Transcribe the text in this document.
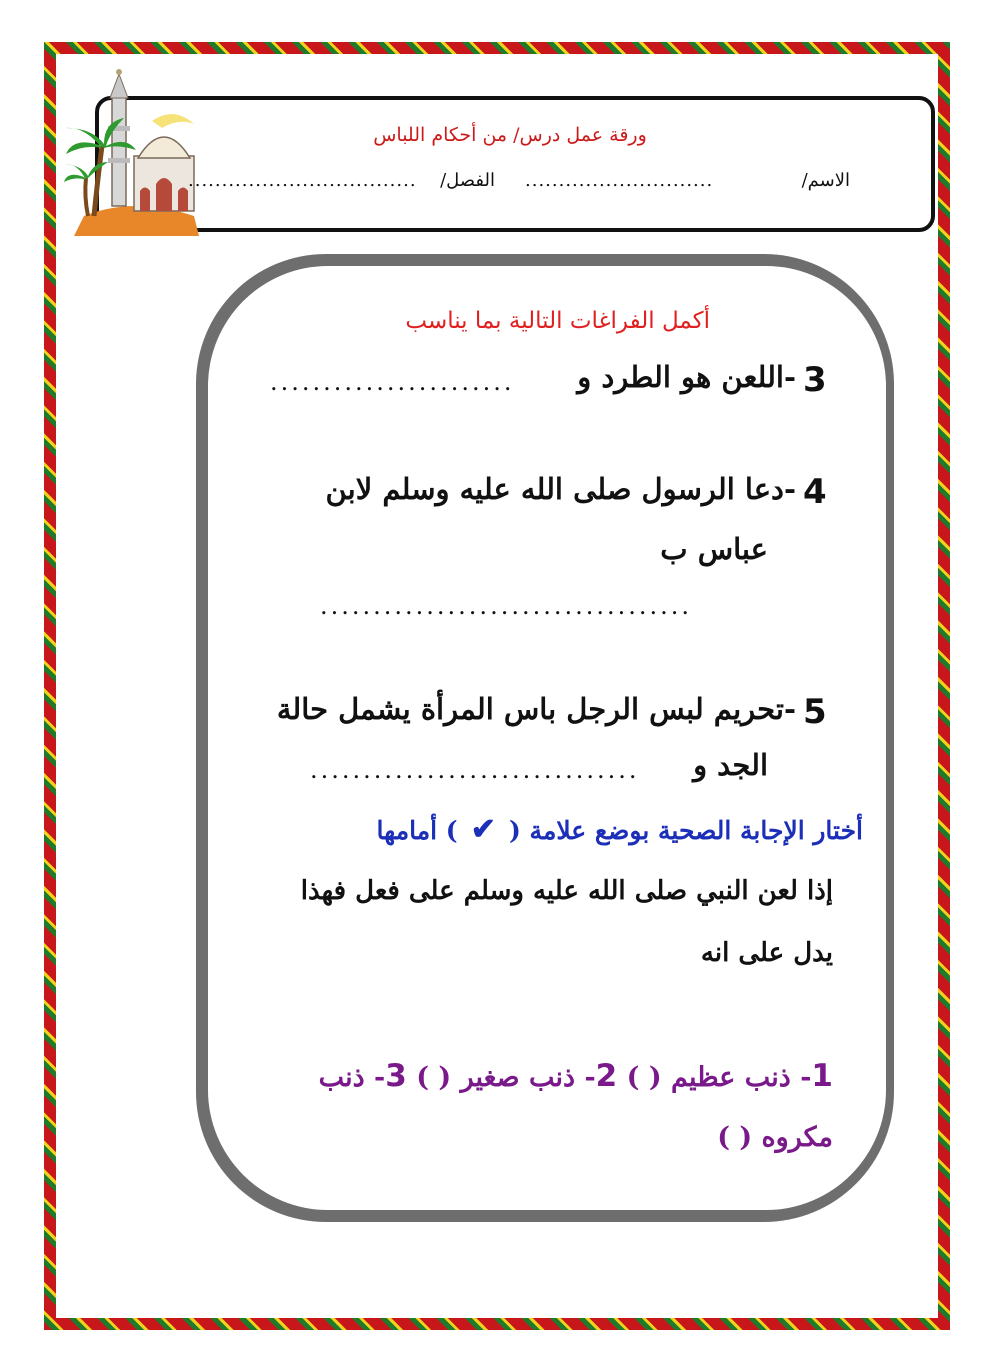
ورقة عمل درس/ من أحكام اللباس
الاسم/
............................
الفصل/
..................................
أكمل الفراغات التالية بما يناسب
3
-اللعن هو الطرد و
.......................
4
-دعا الرسول صلى الله عليه وسلم لابن
عباس ب
...................................
5
-تحريم لبس الرجل باس المرأة يشمل حالة
الجد و
...............................
أختار الإجابة الصحية بوضع علامة ( ✔ ) أمامها
إذا لعن النبي صلى الله عليه وسلم على فعل فهذا
يدل على انه
1- ذنب عظيم ( ) 2- ذنب صغير ( ) 3- ذنب
مكروه ( )
